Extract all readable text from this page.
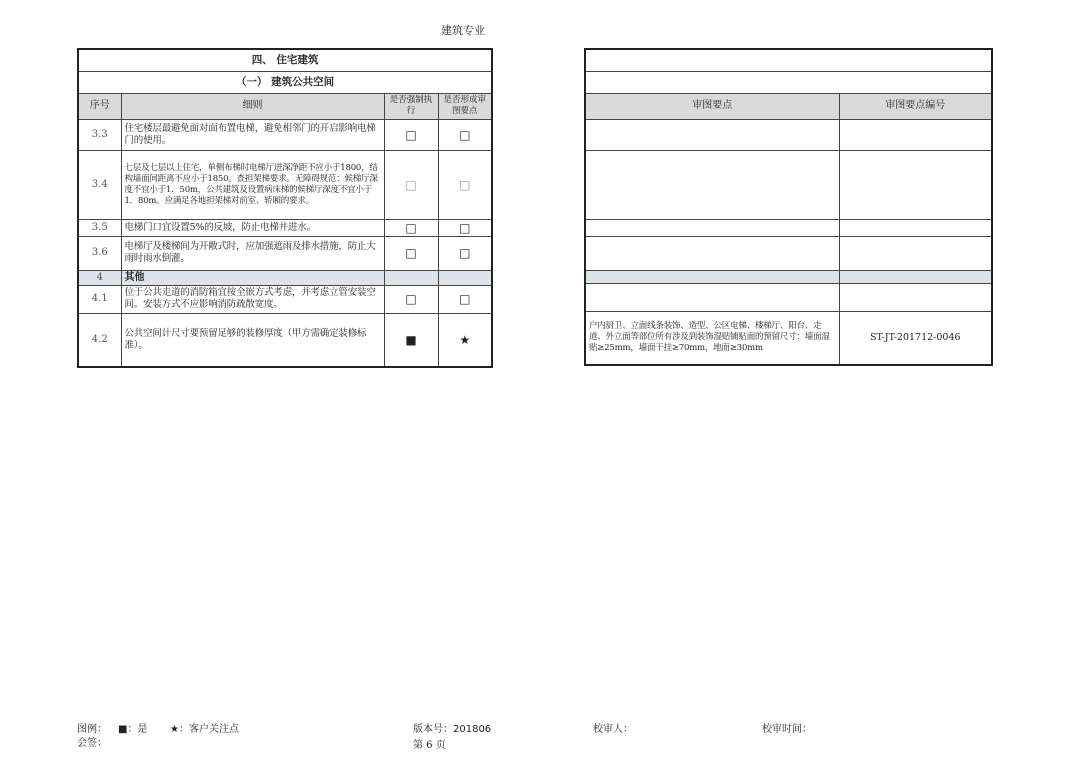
建筑专业
四、 住宅建筑			
（一） 建筑公共空间			
序号	细则	是否强制执行	是否形成审图要点
3.3	住宅楼层最避免面对面布置电梯，避免相邻门的开启影响电梯门的使用。	□	□
3.4	七层及七层以上住宅，单侧布梯时电梯厅进深净距不应小于1800，结构墙面间距离不应小于1850。查担架梯要求。无障碍规范：候梯厅深度不宜小于1．50m，公共建筑及设置病床梯的候梯厅深度不宜小于1．80m。应满足各地担架梯对前室、轿厢的要求。	□	□
3.5	电梯门口宜设置5%的反坡，防止电梯井进水。	□	□
3.6	电梯厅及楼梯间为开敞式时，应加强遮雨及排水措施，防止大雨时雨水倒灌。	□	□
4	其他		
4.1	位于公共走道的消防箱宜按全嵌方式考虑，并考虑立管安装空间。安装方式不应影响消防疏散宽度。	□	□
4.2	公共空间计尺寸要预留足够的装修厚度（甲方需确定装修标准）。	■	★

审图要点	审图要点编号

户内厨卫、立面线条装饰、造型、公区电梯、楼梯厅、阳台、走道、外立面等部位所有涉及到装饰湿贴铺贴面的预留尺寸：墙面湿贴≥25mm，墙面干挂≥70mm，地面≥30mm	ST-JT-201712-0046
图例： ■：是 ★：客户关注点
会签：
版本号：201806
第 6 页
校审人：	校审时间：
